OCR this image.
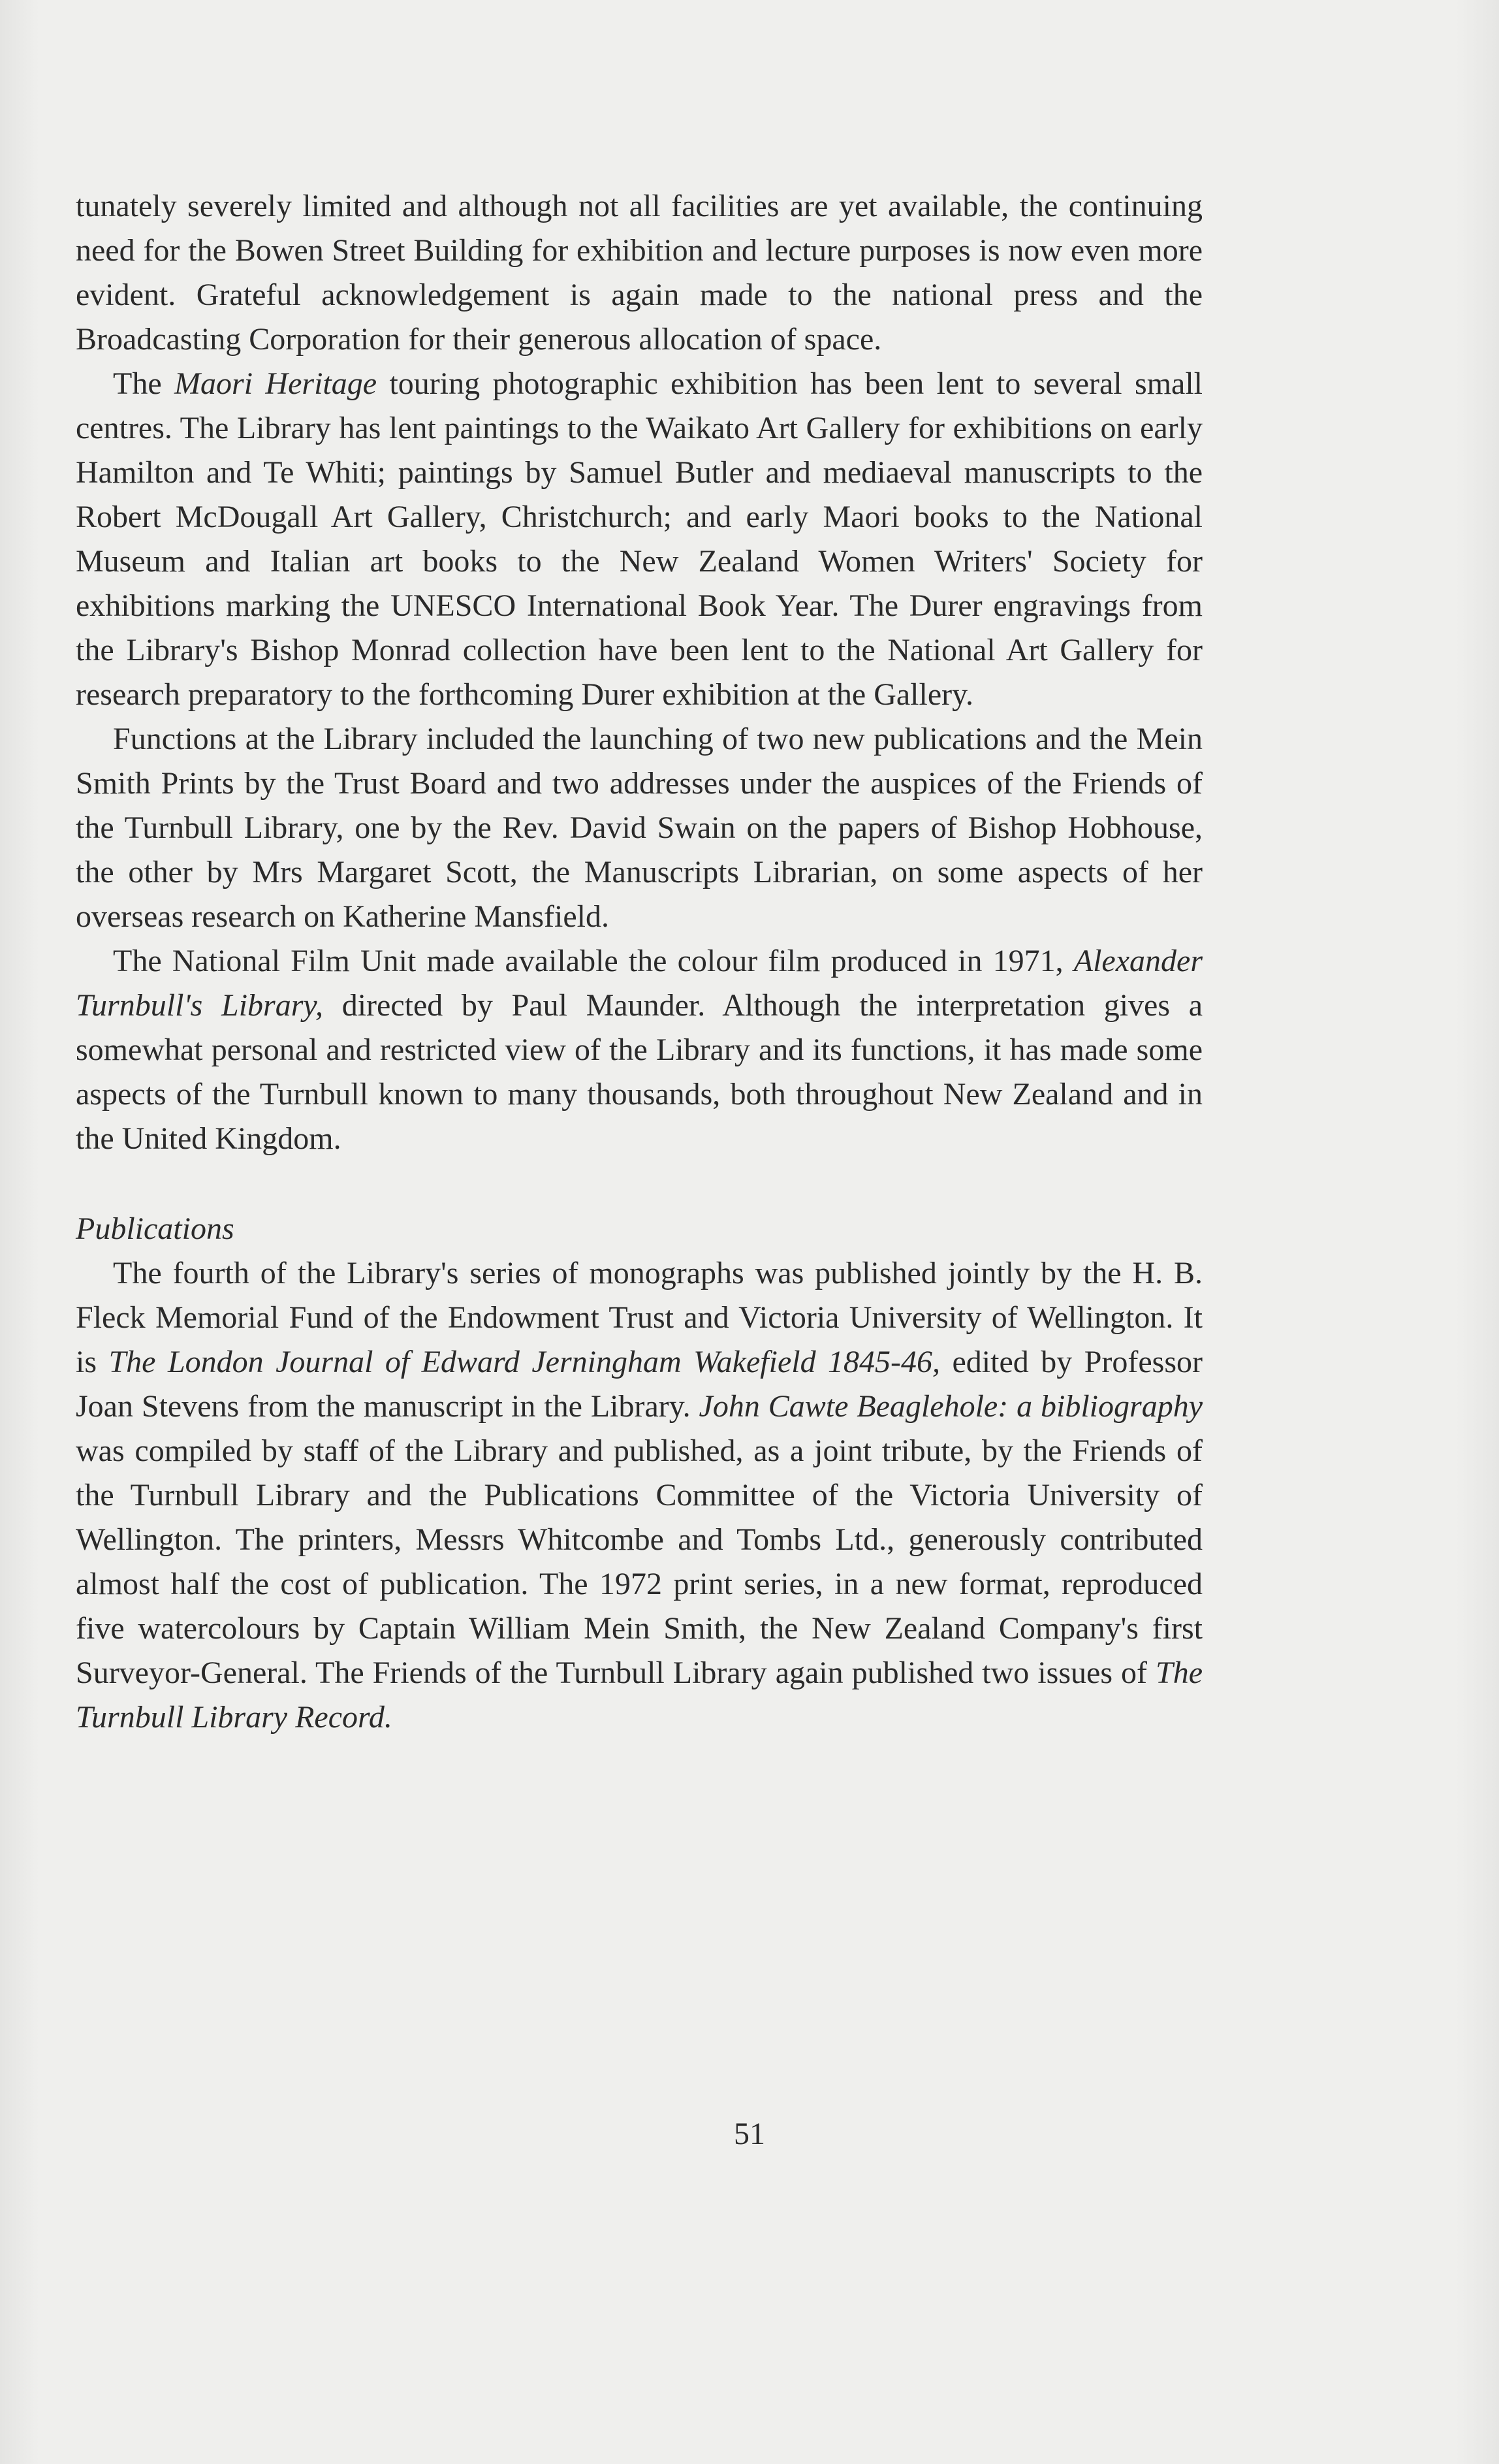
tunately severely limited and although not all facilities are yet available, the continuing need for the Bowen Street Building for exhibition and lecture purposes is now even more evident. Grateful acknowledgement is again made to the national press and the Broadcasting Corporation for their generous allocation of space.

The Maori Heritage touring photographic exhibition has been lent to several small centres. The Library has lent paintings to the Waikato Art Gallery for exhibitions on early Hamilton and Te Whiti; paintings by Samuel Butler and mediaeval manuscripts to the Robert McDougall Art Gallery, Christchurch; and early Maori books to the National Museum and Italian art books to the New Zealand Women Writers' Society for exhibitions marking the UNESCO International Book Year. The Durer engravings from the Library's Bishop Monrad collection have been lent to the National Art Gallery for research preparatory to the forthcoming Durer exhibition at the Gallery.

Functions at the Library included the launching of two new publications and the Mein Smith Prints by the Trust Board and two addresses under the auspices of the Friends of the Turnbull Library, one by the Rev. David Swain on the papers of Bishop Hobhouse, the other by Mrs Margaret Scott, the Manuscripts Librarian, on some aspects of her overseas research on Katherine Mansfield.

The National Film Unit made available the colour film produced in 1971, Alexander Turnbull's Library, directed by Paul Maunder. Although the interpretation gives a somewhat personal and restricted view of the Library and its functions, it has made some aspects of the Turnbull known to many thousands, both throughout New Zealand and in the United Kingdom.

Publications

The fourth of the Library's series of monographs was published jointly by the H. B. Fleck Memorial Fund of the Endowment Trust and Victoria University of Wellington. It is The London Journal of Edward Jerningham Wakefield 1845-46, edited by Professor Joan Stevens from the manuscript in the Library. John Cawte Beaglehole: a bibliography was compiled by staff of the Library and published, as a joint tribute, by the Friends of the Turnbull Library and the Publications Committee of the Victoria University of Wellington. The printers, Messrs Whitcombe and Tombs Ltd., generously contributed almost half the cost of publication. The 1972 print series, in a new format, reproduced five watercolours by Captain William Mein Smith, the New Zealand Company's first Surveyor-General. The Friends of the Turnbull Library again published two issues of The Turnbull Library Record.

51
